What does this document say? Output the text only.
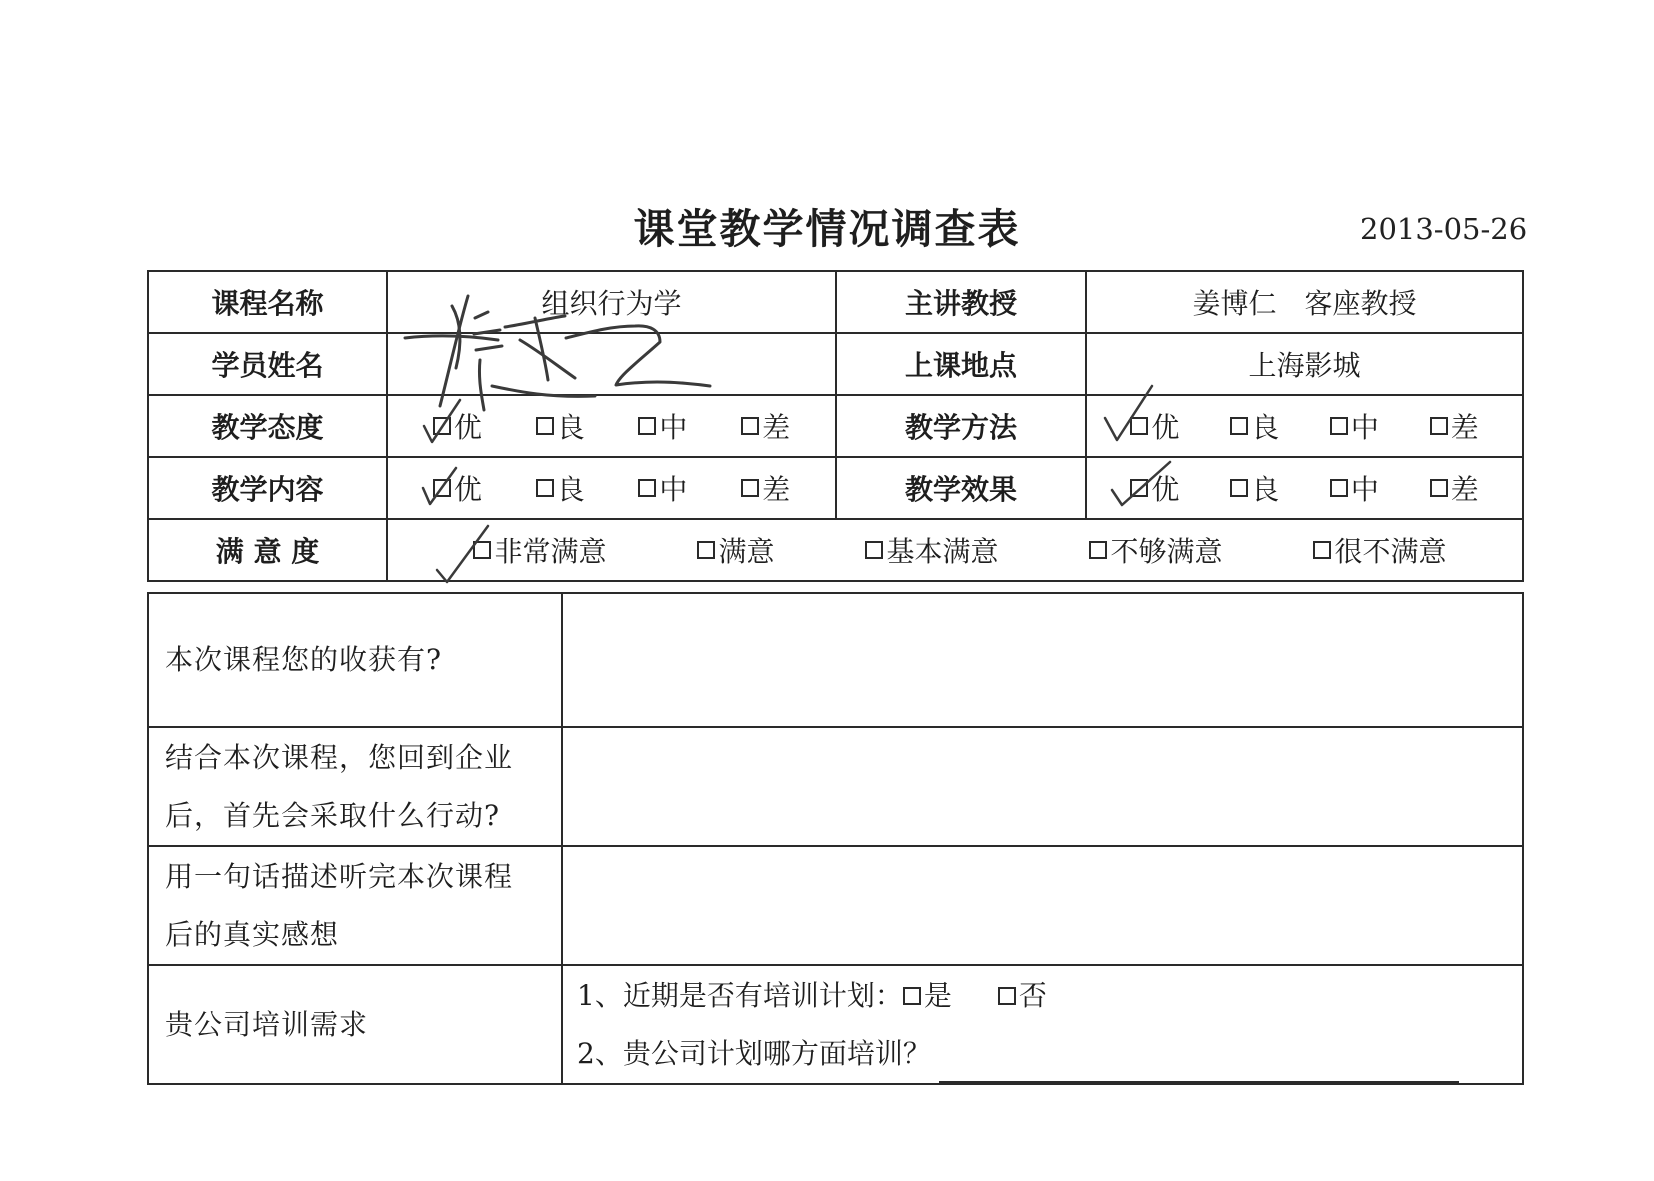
课堂教学情况调查表	2013-05-26
课程名称	组织行为学	主讲教授	姜博仁　客座教授
学员姓名		上课地点	上海影城
教学态度	优 良 中 差	教学方法	优 良 中 差

教学内容	优 良 中 差	教学效果	优 良 中 差

满 意 度	非常满意 满意 基本满意 不够满意 很不满意		
本次课程您的收获有?	

结合本次课程，您回到企业
后，首先会采取什么行动?	

用一句话描述听完本次课程
后的真实感想	

贵公司培训需求	1、近期是否有培训计划： 是 否
2、贵公司计划哪方面培训？
